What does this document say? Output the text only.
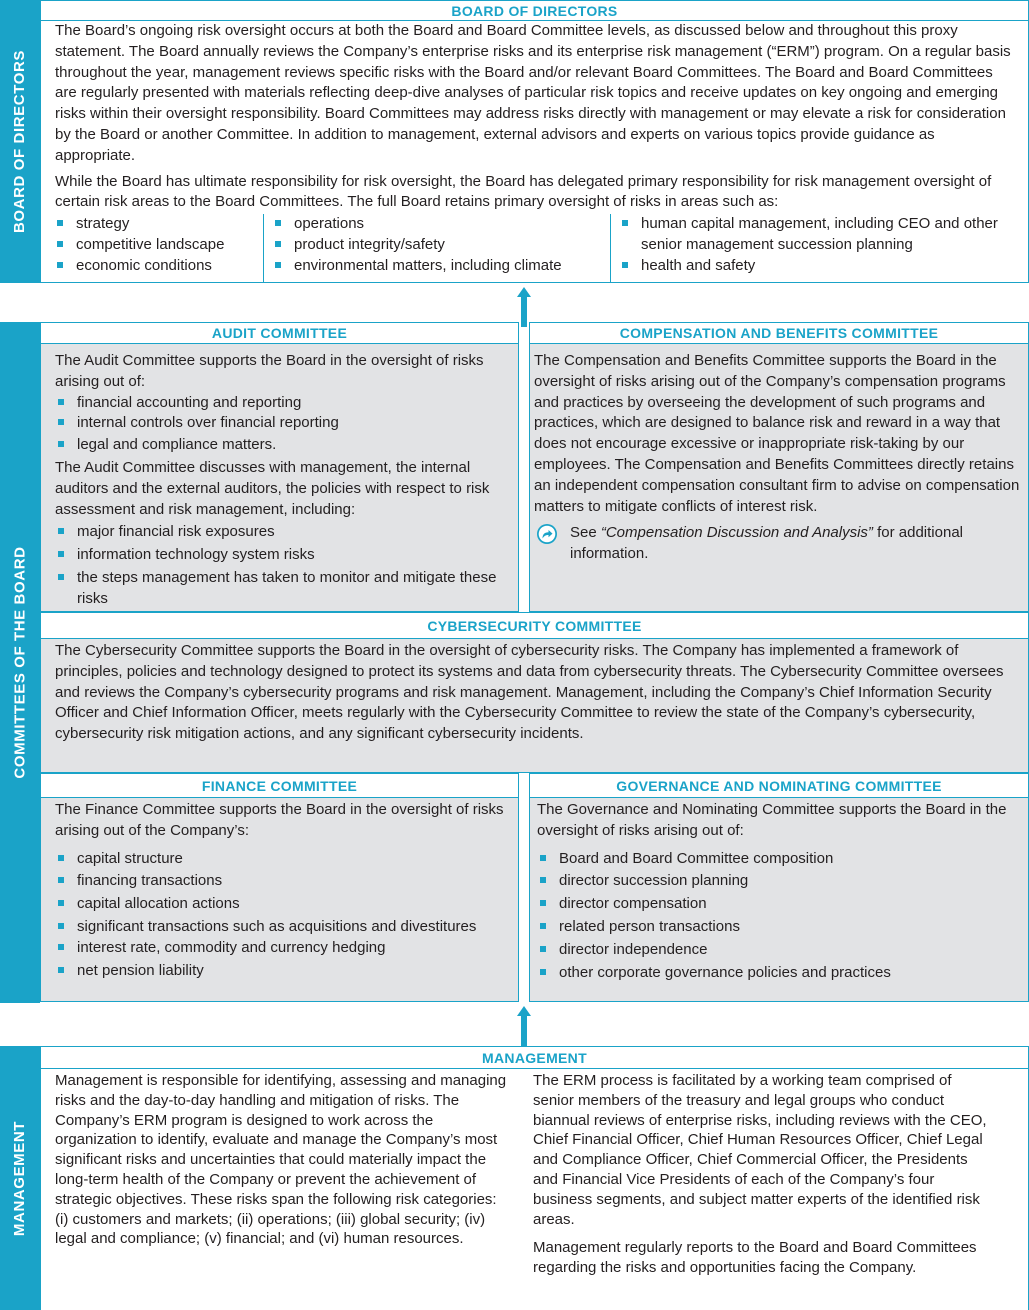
BOARD OF DIRECTORS
COMMITTEES OF THE BOARD
MANAGEMENT
BOARD OF DIRECTORS

The Board’s ongoing risk oversight occurs at both the Board and Board Committee levels, as discussed below and throughout this proxy statement. The Board annually reviews the Company’s enterprise risks and its enterprise risk management (“ERM”) program. On a regular basis throughout the year, management reviews specific risks with the Board and/or relevant Board Committees. The Board and Board Committees are regularly presented with materials reflecting deep-dive analyses of particular risk topics and receive updates on key ongoing and emerging risks within their oversight responsibility. Board Committees may address risks directly with management or may elevate a risk for consideration by the Board or another Committee. In addition to management, external advisors and experts on various topics provide guidance as appropriate.

While the Board has ultimate responsibility for risk oversight, the Board has delegated primary responsibility for risk management oversight of certain risk areas to the Board Committees. The full Board retains primary oversight of risks in areas such as:

strategy
competitive landscape
economic conditions
operations
product integrity/safety
environmental matters, including climate
human capital management, including CEO and other senior management succession planning
health and safety
AUDIT COMMITTEE

The Audit Committee supports the Board in the oversight of risks arising out of:

financial accounting and reporting
internal controls over financial reporting
legal and compliance matters.

The Audit Committee discusses with management, the internal auditors and the external auditors, the policies with respect to risk assessment and risk management, including:

major financial risk exposures
information technology system risks
the steps management has taken to monitor and mitigate these risks
COMPENSATION AND BENEFITS COMMITTEE

The Compensation and Benefits Committee supports the Board in the oversight of risks arising out of the Company’s compensation programs and practices by overseeing the development of such programs and practices, which are designed to balance risk and reward in a way that does not encourage excessive or inappropriate risk-taking by our employees. The Compensation and Benefits Committees directly retains an independent compensation consultant firm to advise on compensation matters to mitigate conflicts of interest risk.

See “Compensation Discussion and Analysis” for additional information.

CYBERSECURITY COMMITTEE

The Cybersecurity Committee supports the Board in the oversight of cybersecurity risks. The Company has implemented a framework of principles, policies and technology designed to protect its systems and data from cybersecurity threats. The Cybersecurity Committee oversees and reviews the Company’s cybersecurity programs and risk management. Management, including the Company’s Chief Information Security Officer and Chief Information Officer, meets regularly with the Cybersecurity Committee to review the state of the Company’s cybersecurity, cybersecurity risk mitigation actions, and any significant cybersecurity incidents.

FINANCE COMMITTEE

The Finance Committee supports the Board in the oversight of risks arising out of the Company’s:

capital structure
financing transactions
capital allocation actions
significant transactions such as acquisitions and divestitures
interest rate, commodity and currency hedging
net pension liability
GOVERNANCE AND NOMINATING COMMITTEE

The Governance and Nominating Committee supports the Board in the oversight of risks arising out of:

Board and Board Committee composition
director succession planning
director compensation
related person transactions
director independence
other corporate governance policies and practices
MANAGEMENT

Management is responsible for identifying, assessing and managing risks and the day-to-day handling and mitigation of risks. The Company’s ERM program is designed to work across the organization to identify, evaluate and manage the Company’s most significant risks and uncertainties that could materially impact the long-term health of the Company or prevent the achievement of strategic objectives. These risks span the following risk categories: (i) customers and markets; (ii) operations; (iii) global security; (iv) legal and compliance; (v) financial; and (vi) human resources.

The ERM process is facilitated by a working team comprised of senior members of the treasury and legal groups who conduct biannual reviews of enterprise risks, including reviews with the CEO, Chief Financial Officer, Chief Human Resources Officer, Chief Legal and Compliance Officer, Chief Commercial Officer, the Presidents and Financial Vice Presidents of each of the Company’s four business segments, and subject matter experts of the identified risk areas.

Management regularly reports to the Board and Board Committees regarding the risks and opportunities facing the Company.
